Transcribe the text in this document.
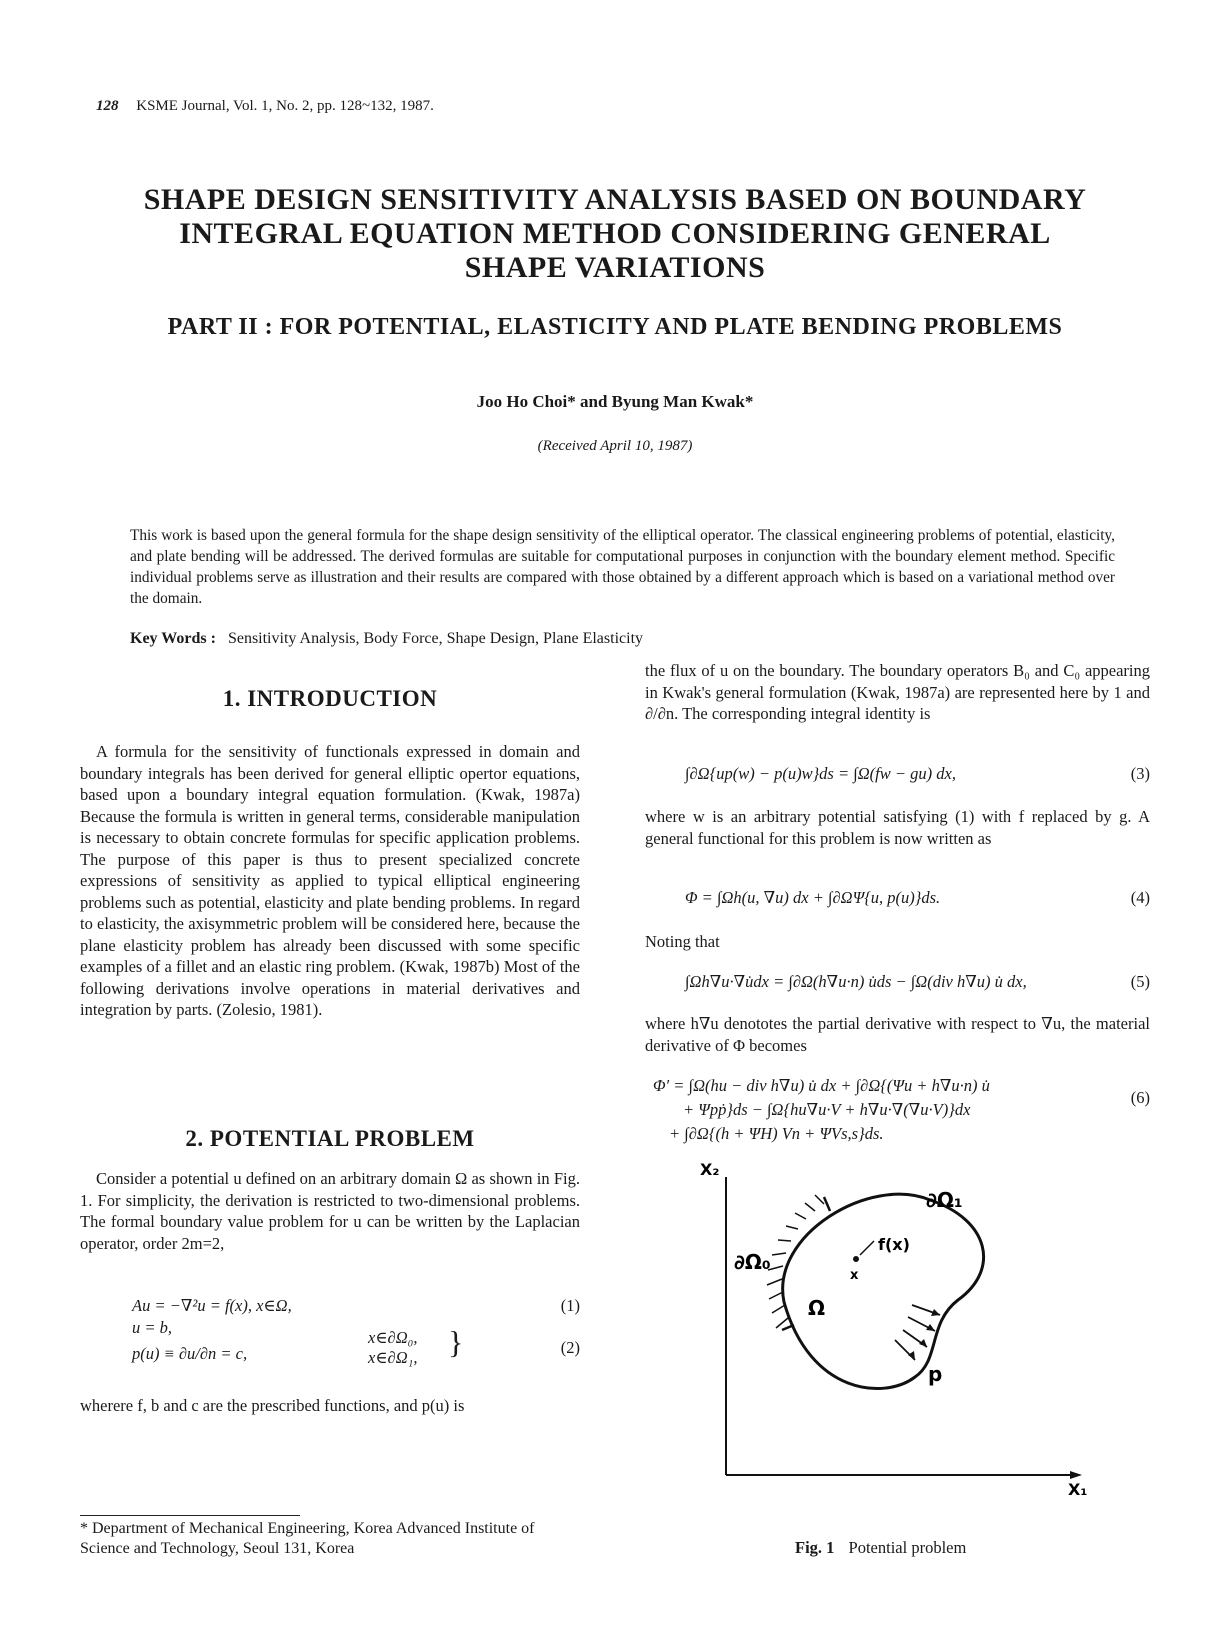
128 KSME Journal, Vol. 1, No. 2, pp. 128~132, 1987.
SHAPE DESIGN SENSITIVITY ANALYSIS BASED ON BOUNDARY
INTEGRAL EQUATION METHOD CONSIDERING GENERAL
SHAPE VARIATIONS
PART II : FOR POTENTIAL, ELASTICITY AND PLATE BENDING PROBLEMS
Joo Ho Choi* and Byung Man Kwak*
(Received April 10, 1987)
This work is based upon the general formula for the shape design sensitivity of the elliptical operator. The classical engineering problems of potential, elasticity, and plate bending will be addressed. The derived formulas are suitable for computational purposes in conjunction with the boundary element method. Specific individual problems serve as illustration and their results are compared with those obtained by a different approach which is based on a variational method over the domain.
Key Words : Sensitivity Analysis, Body Force, Shape Design, Plane Elasticity
1. INTRODUCTION
A formula for the sensitivity of functionals expressed in domain and boundary integrals has been derived for general elliptic opertor equations, based upon a boundary integral equation formulation. (Kwak, 1987a) Because the formula is written in general terms, considerable manipulation is necessary to obtain concrete formulas for specific application problems. The purpose of this paper is thus to present specialized concrete expressions of sensitivity as applied to typical elliptical engineering problems such as potential, elasticity and plate bending problems. In regard to elasticity, the axisymmetric problem will be considered here, because the plane elasticity problem has already been discussed with some specific examples of a fillet and an elastic ring problem. (Kwak, 1987b) Most of the following derivations involve operations in material derivatives and integration by parts. (Zolesio, 1981).
2. POTENTIAL PROBLEM
Consider a potential u defined on an arbitrary domain Ω as shown in Fig. 1. For simplicity, the derivation is restricted to two-dimensional problems. The formal boundary value problem for u can be written by the Laplacian operator, order 2m=2,
Au = −∇²u = f(x), x∈Ω,	(1)
u = b,
p(u) ≡ ∂u/∂n = c,
x∈∂Ω₀,
x∈∂Ω₁, }	(2)
wherere f, b and c are the prescribed functions, and p(u) is
* Department of Mechanical Engineering, Korea Advanced Institute of Science and Technology, Seoul 131, Korea
the flux of u on the boundary. The boundary operators B₀ and C₀ appearing in Kwak's general formulation (Kwak, 1987a) are represented here by 1 and ∂/∂n. The corresponding integral identity is
∫∂Ω{up(w) − p(u)w}ds = ∫Ω(fw − gu) dx,	(3)
where w is an arbitrary potential satisfying (1) with f replaced by g. A general functional for this problem is now written as
Φ = ∫Ωh(u, ∇u) dx + ∫∂ΩΨ{u, p(u)}ds.	(4)
Noting that
∫Ωh∇u·∇u̇dx = ∫∂Ω(h∇u·n) u̇ds − ∫Ω(div h∇u) u̇ dx,	(5)
where h∇u denototes the partial derivative with respect to ∇u, the material derivative of Φ becomes
Φ′ = ∫Ω(hu − div h∇u) u̇ dx + ∫∂Ω{(Ψu + h∇u·n) u̇
+ Ψpṗ}ds − ∫Ω{hu∇u·V + h∇u·∇(∇u·V)}dx
+ ∫∂Ω{(h + ΨH) Vn + ΨVs,s}ds.
(6)
X₂
X₁
∂Ω₁
∂Ω₀
f(x)
x
Ω
p
Fig. 1 Potential problem
